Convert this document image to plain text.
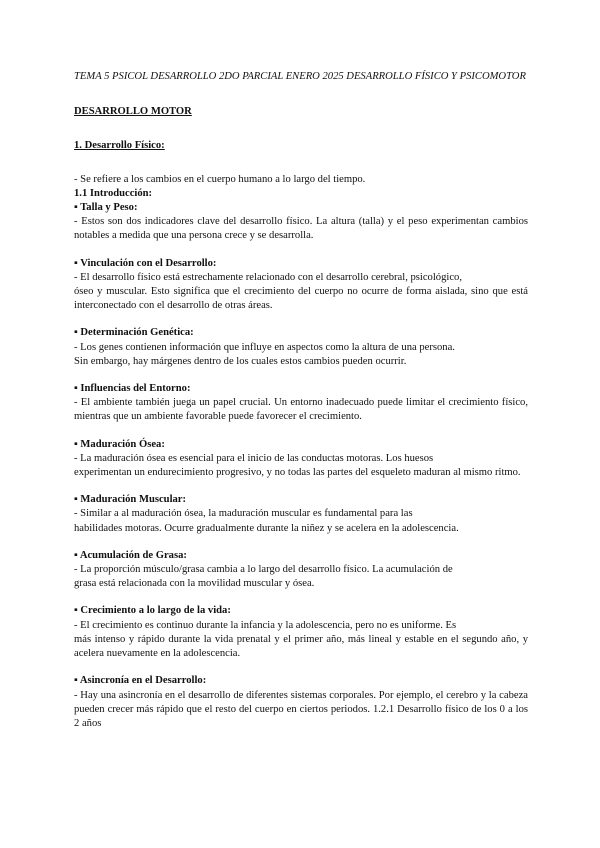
TEMA 5 PSICOL DESARROLLO 2DO PARCIAL ENERO 2025 DESARROLLO FÍSICO Y PSICOMOTOR
DESARROLLO MOTOR
1. Desarrollo Físico:

- Se refiere a los cambios en el cuerpo humano a lo largo del tiempo.

1.1 Introducción:
▪ Talla y Peso:

- Estos son dos indicadores clave del desarrollo físico. La altura (talla) y el peso experimentan cambios notables a medida que una persona crece y se desarrolla.

▪ Vinculación con el Desarrollo:

- El desarrollo físico está estrechamente relacionado con el desarrollo cerebral, psicológico,

óseo y muscular. Esto significa que el crecimiento del cuerpo no ocurre de forma aislada, sino que está interconectado con el desarrollo de otras áreas.

▪ Determinación Genética:

- Los genes contienen información que influye en aspectos como la altura de una persona.

Sin embargo, hay márgenes dentro de los cuales estos cambios pueden ocurrir.

▪ Influencias del Entorno:

- El ambiente también juega un papel crucial. Un entorno inadecuado puede limitar el crecimiento físico, mientras que un ambiente favorable puede favorecer el crecimiento.

▪ Maduración Ósea:

- La maduración ósea es esencial para el inicio de las conductas motoras. Los huesos

experimentan un endurecimiento progresivo, y no todas las partes del esqueleto maduran al mismo ritmo.

▪ Maduración Muscular:

- Similar a al maduración ósea, la maduración muscular es fundamental para las

habilidades motoras. Ocurre gradualmente durante la niñez y se acelera en la adolescencia.

▪ Acumulación de Grasa:

- La proporción músculo/grasa cambia a lo largo del desarrollo físico. La acumulación de

grasa está relacionada con la movilidad muscular y ósea.

▪ Crecimiento a lo largo de la vida:

- El crecimiento es continuo durante la infancia y la adolescencia, pero no es uniforme. Es

más intenso y rápido durante la vida prenatal y el primer año, más lineal y estable en el segundo año, y acelera nuevamente en la adolescencia.

▪ Asincronía en el Desarrollo:

- Hay una asincronía en el desarrollo de diferentes sistemas corporales. Por ejemplo, el cerebro y la cabeza pueden crecer más rápido que el resto del cuerpo en ciertos periodos. 1.2.1 Desarrollo físico de los 0 a los 2 años
